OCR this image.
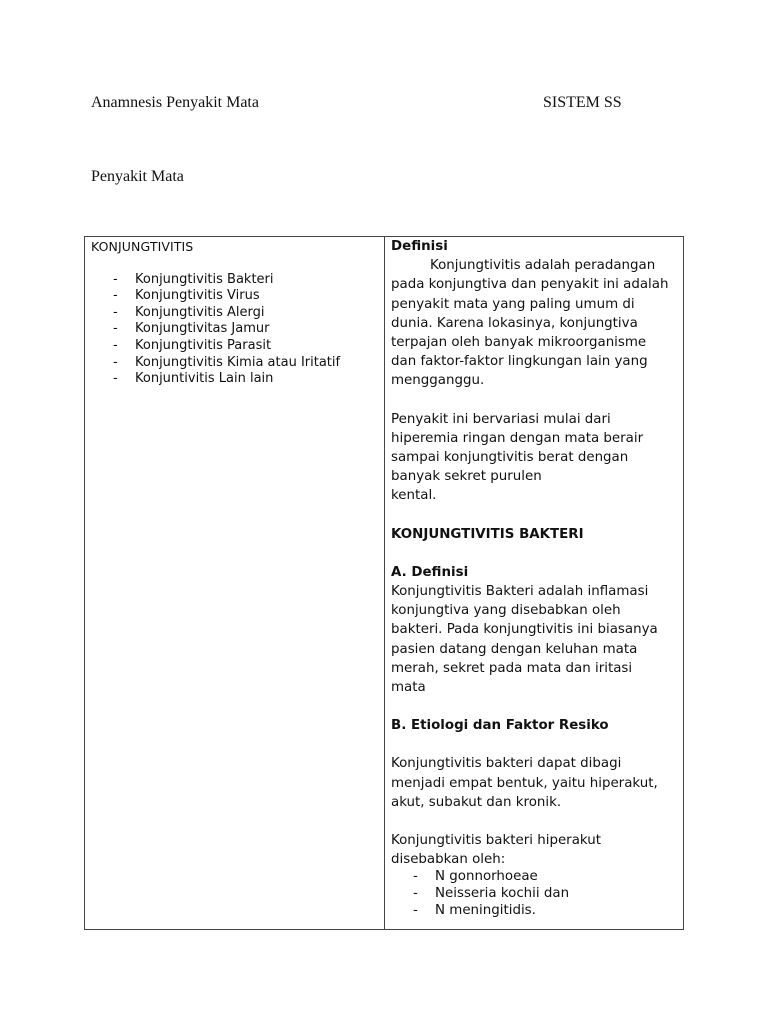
Anamnesis Penyakit Mata	SISTEM SS
Penyakit Mata
KONJUNGTIVITIS
- Konjungtivitis Bakteri
- Konjungtivitis Virus
- Konjungtivitis Alergi
- Konjungtivitas Jamur
- Konjungtivitis Parasit
- Konjungtivitis Kimia atau Iritatif
- Konjuntivitis Lain lain
Definisi
Konjungtivitis adalah peradangan
pada konjungtiva dan penyakit ini adalah
penyakit mata yang paling umum di
dunia. Karena lokasinya, konjungtiva
terpajan oleh banyak mikroorganisme
dan faktor-faktor lingkungan lain yang
mengganggu.
Penyakit ini bervariasi mulai dari
hiperemia ringan dengan mata berair
sampai konjungtivitis berat dengan
banyak sekret purulen
kental.
KONJUNGTIVITIS BAKTERI
A. Definisi
Konjungtivitis Bakteri adalah inflamasi
konjungtiva yang disebabkan oleh
bakteri. Pada konjungtivitis ini biasanya
pasien datang dengan keluhan mata
merah, sekret pada mata dan iritasi
mata
B. Etiologi dan Faktor Resiko
Konjungtivitis bakteri dapat dibagi
menjadi empat bentuk, yaitu hiperakut,
akut, subakut dan kronik.
Konjungtivitis bakteri hiperakut
disebabkan oleh:
- N gonnorhoeae
- Neisseria kochii dan
- N meningitidis.
